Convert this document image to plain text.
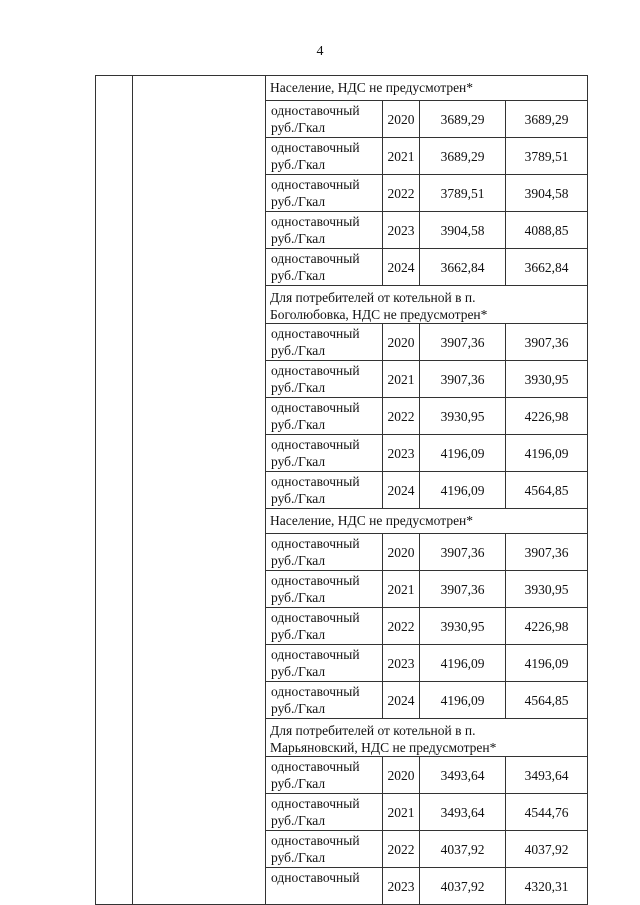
4

		Население, НДС не предусмотрен*			

		одноставочный
руб./Гкал	2020	3689,29	3689,29

		одноставочный
руб./Гкал	2021	3689,29	3789,51

		одноставочный
руб./Гкал	2022	3789,51	3904,58

		одноставочный
руб./Гкал	2023	3904,58	4088,85

		одноставочный
руб./Гкал	2024	3662,84	3662,84

		Для потребителей от котельной в п.
Боголюбовка, НДС не предусмотрен*			

		одноставочный
руб./Гкал	2020	3907,36	3907,36

		одноставочный
руб./Гкал	2021	3907,36	3930,95

		одноставочный
руб./Гкал	2022	3930,95	4226,98

		одноставочный
руб./Гкал	2023	4196,09	4196,09

		одноставочный
руб./Гкал	2024	4196,09	4564,85

		Население, НДС не предусмотрен*			

		одноставочный
руб./Гкал	2020	3907,36	3907,36

		одноставочный
руб./Гкал	2021	3907,36	3930,95

		одноставочный
руб./Гкал	2022	3930,95	4226,98

		одноставочный
руб./Гкал	2023	4196,09	4196,09

		одноставочный
руб./Гкал	2024	4196,09	4564,85

		Для потребителей от котельной в п.
Марьяновский, НДС не предусмотрен*			

		одноставочный
руб./Гкал	2020	3493,64	3493,64

		одноставочный
руб./Гкал	2021	3493,64	4544,76

		одноставочный
руб./Гкал	2022	4037,92	4037,92

		одноставочный	2023	4037,92	4320,31
